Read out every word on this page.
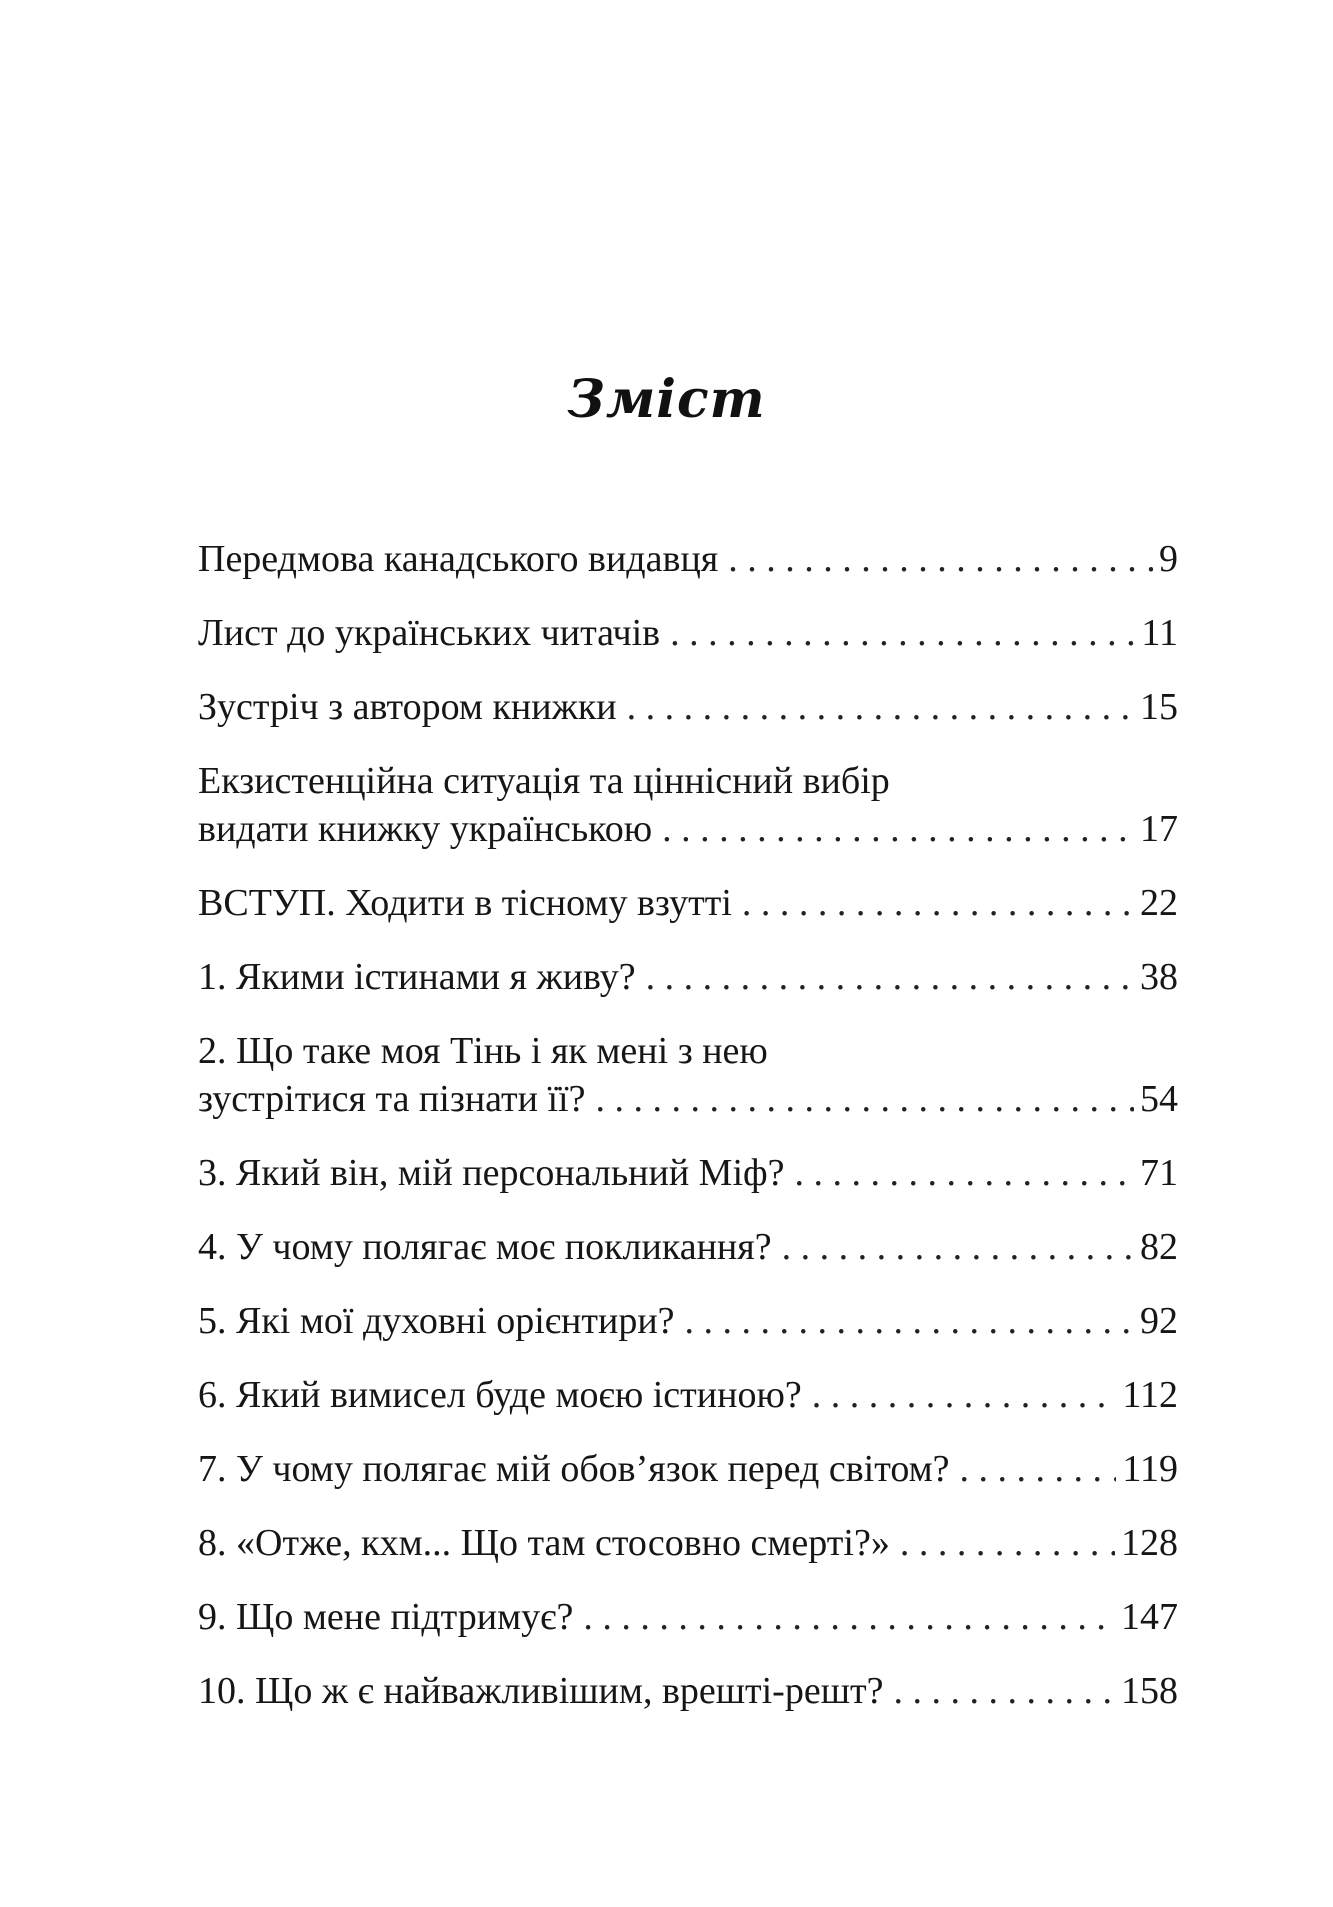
Зміст
Передмова канадського видавця . . .	9
Лист до українських читачів . . .	11
Зустріч з автором книжки . . .	15
Екзистенційна ситуація та ціннісний вибір
видати книжку українською . . .	17
ВСТУП. Ходити в тісному взутті . . .	22
1. Якими істинами я живу? . . .	38
2. Що таке моя Тінь і як мені з нею
зустрітися та пізнати її? . . .	54
3. Який він, мій персональний Міф? . . .	71
4. У чому полягає моє покликання? . . .	82
5. Які мої духовні орієнтири? . . .	92
6. Який вимисел буде моєю істиною? . . .	112
7. У чому полягає мій обов’язок перед світом? . . .	119
8. «Отже, кхм... Що там стосовно смерті?» . . .	128
9. Що мене підтримує? . . .	147
10. Що ж є найважливішим, врешті-решт? . . .	158
